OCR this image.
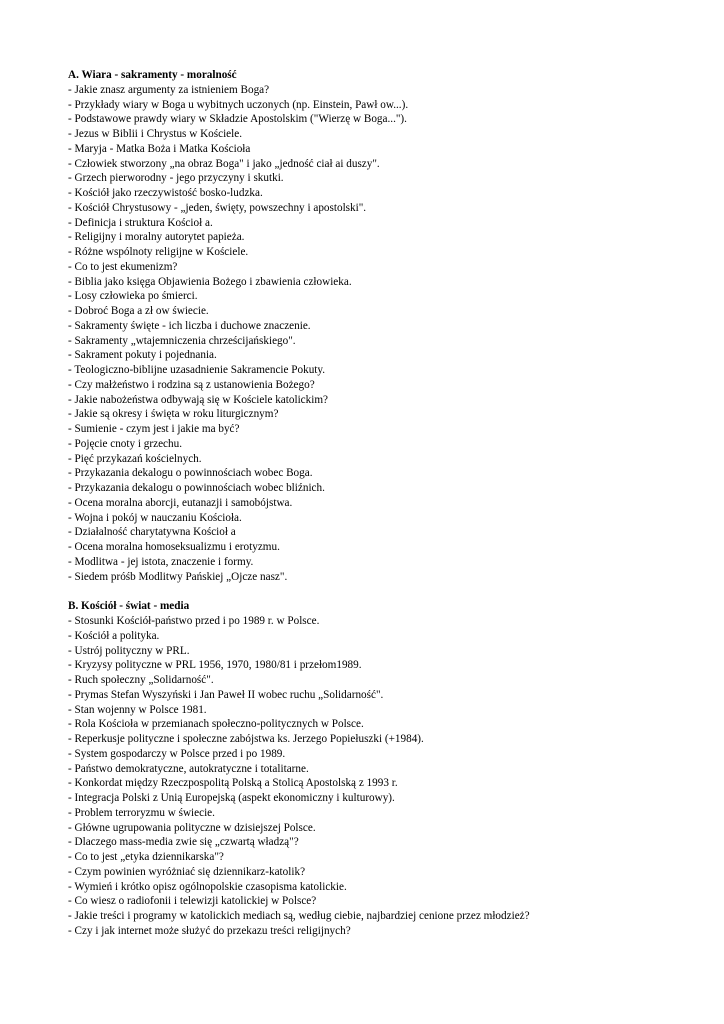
A. Wiara - sakramenty - moralność
- Jakie znasz argumenty za istnieniem Boga?
- Przykłady wiary w Boga u wybitnych uczonych (np. Einstein, Pawł ow...).
- Podstawowe prawdy wiary w Składzie Apostolskim ("Wierzę w Boga...").
- Jezus w Biblii i Chrystus w Kościele.
- Maryja - Matka Boża i Matka Kościoła
- Człowiek stworzony „na obraz Boga" i jako „jedność ciał ai duszy".
- Grzech pierworodny - jego przyczyny i skutki.
- Kościół jako rzeczywistość bosko-ludzka.
- Kościół Chrystusowy - „jeden, święty, powszechny i apostolski".
- Definicja i struktura Kościoł a.
- Religijny i moralny autorytet papieża.
- Różne wspólnoty religijne w Kościele.
- Co to jest ekumenizm?
- Biblia jako księga Objawienia Bożego i zbawienia człowieka.
- Losy człowieka po śmierci.
- Dobroć Boga a zł ow świecie.
- Sakramenty święte - ich liczba i duchowe znaczenie.
- Sakramenty „wtajemniczenia chrześcijańskiego".
- Sakrament pokuty i pojednania.
- Teologiczno-biblijne uzasadnienie Sakramencie Pokuty.
- Czy małżeństwo i rodzina są z ustanowienia Bożego?
- Jakie nabożeństwa odbywają się w Kościele katolickim?
- Jakie są okresy i święta w roku liturgicznym?
- Sumienie - czym jest i jakie ma być?
- Pojęcie cnoty i grzechu.
- Pięć przykazań kościelnych.
- Przykazania dekalogu o powinnościach wobec Boga.
- Przykazania dekalogu o powinnościach wobec bliźnich.
- Ocena moralna aborcji, eutanazji i samobójstwa.
- Wojna i pokój w nauczaniu Kościoła.
- Działalność charytatywna Kościoł a
- Ocena moralna homoseksualizmu i erotyzmu.
- Modlitwa - jej istota, znaczenie i formy.
- Siedem próśb Modlitwy Pańskiej „Ojcze nasz".
B. Kościół - świat - media
- Stosunki Kościół-państwo przed i po 1989 r. w Polsce.
- Kościół a polityka.
- Ustrój polityczny w PRL.
- Kryzysy polityczne w PRL 1956, 1970, 1980/81 i przełom1989.
- Ruch społeczny „Solidarność".
- Prymas Stefan Wyszyński i Jan Paweł II wobec ruchu „Solidarność".
- Stan wojenny w Polsce 1981.
- Rola Kościoła w przemianach społeczno-politycznych w Polsce.
- Reperkusje polityczne i społeczne zabójstwa ks. Jerzego Popiełuszki (+1984).
- System gospodarczy w Polsce przed i po 1989.
- Państwo demokratyczne, autokratyczne i totalitarne.
- Konkordat między Rzeczpospolitą Polską a Stolicą Apostolską z 1993 r.
- Integracja Polski z Unią Europejską (aspekt ekonomiczny i kulturowy).
- Problem terroryzmu w świecie.
- Główne ugrupowania polityczne w dzisiejszej Polsce.
- Dlaczego mass-media zwie się „czwartą władzą"?
- Co to jest „etyka dziennikarska"?
- Czym powinien wyróżniać się dziennikarz-katolik?
- Wymień i krótko opisz ogólnopolskie czasopisma katolickie.
- Co wiesz o radiofonii i telewizji katolickiej w Polsce?
- Jakie treści i programy w katolickich mediach są, według ciebie, najbardziej cenione przez młodzież?
- Czy i jak internet może służyć do przekazu treści religijnych?
